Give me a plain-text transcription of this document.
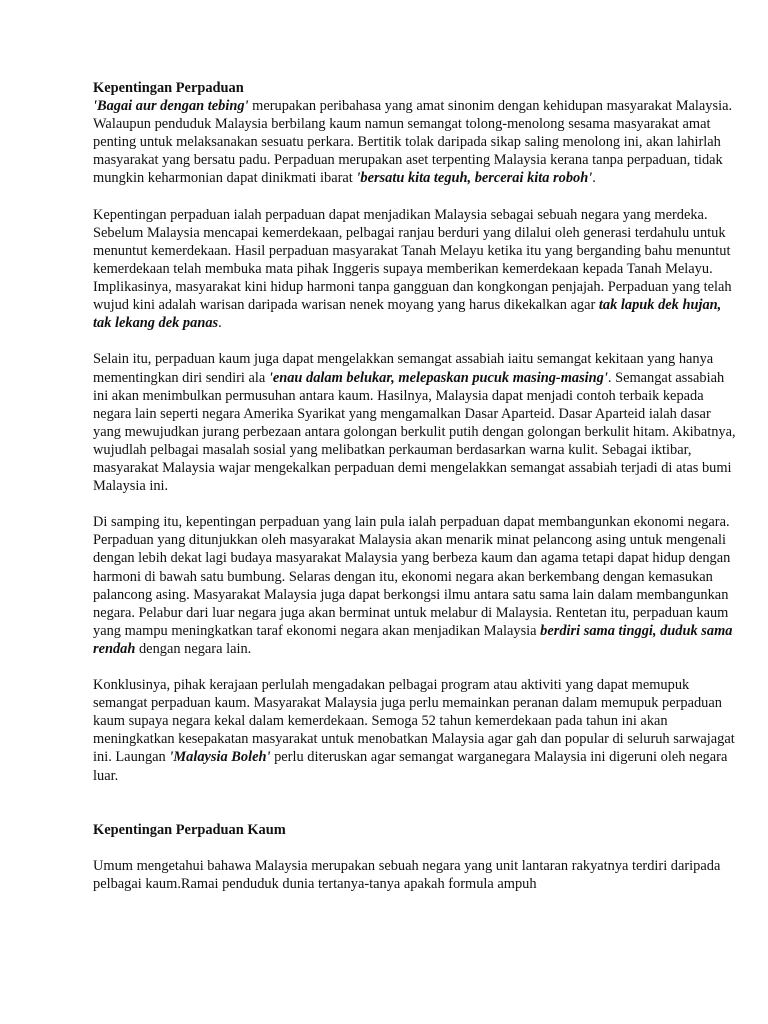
Kepentingan Perpaduan

'Bagai aur dengan tebing' merupakan peribahasa yang amat sinonim dengan kehidupan masyarakat Malaysia. Walaupun penduduk Malaysia berbilang kaum namun semangat tolong-menolong sesama masyarakat amat penting untuk melaksanakan sesuatu perkara. Bertitik tolak daripada sikap saling menolong ini, akan lahirlah masyarakat yang bersatu padu. Perpaduan merupakan aset terpenting Malaysia kerana tanpa perpaduan, tidak mungkin keharmonian dapat dinikmati ibarat 'bersatu kita teguh, bercerai kita roboh'.

Kepentingan perpaduan ialah perpaduan dapat menjadikan Malaysia sebagai sebuah negara yang merdeka. Sebelum Malaysia mencapai kemerdekaan, pelbagai ranjau berduri yang dilalui oleh generasi terdahulu untuk menuntut kemerdekaan. Hasil perpaduan masyarakat Tanah Melayu ketika itu yang berganding bahu menuntut kemerdekaan telah membuka mata pihak Inggeris supaya memberikan kemerdekaan kepada Tanah Melayu. Implikasinya, masyarakat kini hidup harmoni tanpa gangguan dan kongkongan penjajah. Perpaduan yang telah wujud kini adalah warisan daripada warisan nenek moyang yang harus dikekalkan agar tak lapuk dek hujan, tak lekang dek panas.

Selain itu, perpaduan kaum juga dapat mengelakkan semangat assabiah iaitu semangat kekitaan yang hanya mementingkan diri sendiri ala 'enau dalam belukar, melepaskan pucuk masing-masing'. Semangat assabiah ini akan menimbulkan permusuhan antara kaum. Hasilnya, Malaysia dapat menjadi contoh terbaik kepada negara lain seperti negara Amerika Syarikat yang mengamalkan Dasar Aparteid. Dasar Aparteid ialah dasar yang mewujudkan jurang perbezaan antara golongan berkulit putih dengan golongan berkulit hitam. Akibatnya, wujudlah pelbagai masalah sosial yang melibatkan perkauman berdasarkan warna kulit. Sebagai iktibar, masyarakat Malaysia wajar mengekalkan perpaduan demi mengelakkan semangat assabiah terjadi di atas bumi Malaysia ini.

Di samping itu, kepentingan perpaduan yang lain pula ialah perpaduan dapat membangunkan ekonomi negara. Perpaduan yang ditunjukkan oleh masyarakat Malaysia akan menarik minat pelancong asing untuk mengenali dengan lebih dekat lagi budaya masyarakat Malaysia yang berbeza kaum dan agama tetapi dapat hidup dengan harmoni di bawah satu bumbung. Selaras dengan itu, ekonomi negara akan berkembang dengan kemasukan palancong asing. Masyarakat Malaysia juga dapat berkongsi ilmu antara satu sama lain dalam membangunkan negara. Pelabur dari luar negara juga akan berminat untuk melabur di Malaysia. Rentetan itu, perpaduan kaum yang mampu meningkatkan taraf ekonomi negara akan menjadikan Malaysia berdiri sama tinggi, duduk sama rendah dengan negara lain.

Konklusinya, pihak kerajaan perlulah mengadakan pelbagai program atau aktiviti yang dapat memupuk semangat perpaduan kaum. Masyarakat Malaysia juga perlu memainkan peranan dalam memupuk perpaduan kaum supaya negara kekal dalam kemerdekaan. Semoga 52 tahun kemerdekaan pada tahun ini akan meningkatkan kesepakatan masyarakat untuk menobatkan Malaysia agar gah dan popular di seluruh sarwajagat ini. Laungan 'Malaysia Boleh' perlu diteruskan agar semangat warganegara Malaysia ini digeruni oleh negara luar.

Kepentingan Perpaduan Kaum

Umum mengetahui bahawa Malaysia merupakan sebuah negara yang unit lantaran rakyatnya terdiri daripada pelbagai kaum.Ramai penduduk dunia tertanya-tanya apakah formula ampuh
